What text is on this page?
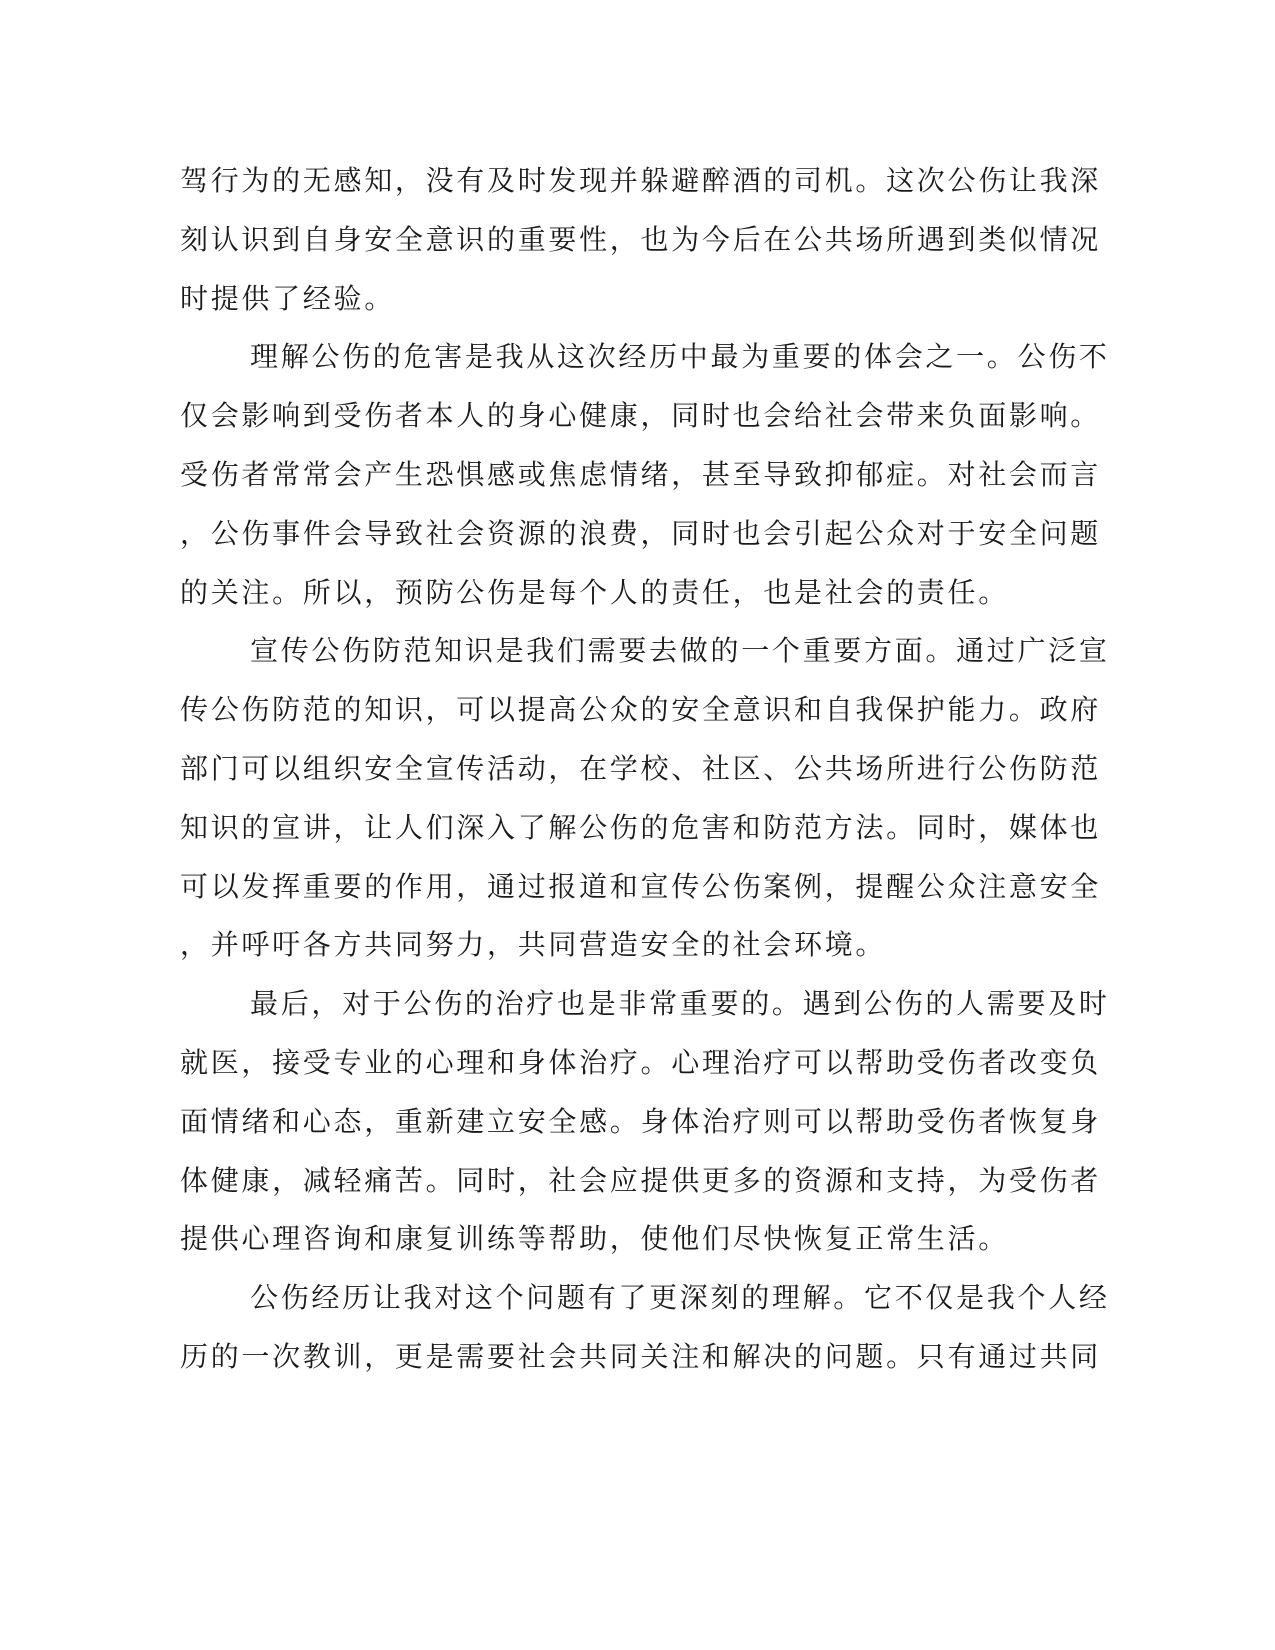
驾行为的无感知，没有及时发现并躲避醉酒的司机。这次公伤让我深
刻认识到自身安全意识的重要性，也为今后在公共场所遇到类似情况
时提供了经验。
理解公伤的危害是我从这次经历中最为重要的体会之一。公伤不
仅会影响到受伤者本人的身心健康，同时也会给社会带来负面影响。
受伤者常常会产生恐惧感或焦虑情绪，甚至导致抑郁症。对社会而言
，公伤事件会导致社会资源的浪费，同时也会引起公众对于安全问题
的关注。所以，预防公伤是每个人的责任，也是社会的责任。
宣传公伤防范知识是我们需要去做的一个重要方面。通过广泛宣
传公伤防范的知识，可以提高公众的安全意识和自我保护能力。政府
部门可以组织安全宣传活动，在学校、社区、公共场所进行公伤防范
知识的宣讲，让人们深入了解公伤的危害和防范方法。同时，媒体也
可以发挥重要的作用，通过报道和宣传公伤案例，提醒公众注意安全
，并呼吁各方共同努力，共同营造安全的社会环境。
最后，对于公伤的治疗也是非常重要的。遇到公伤的人需要及时
就医，接受专业的心理和身体治疗。心理治疗可以帮助受伤者改变负
面情绪和心态，重新建立安全感。身体治疗则可以帮助受伤者恢复身
体健康，减轻痛苦。同时，社会应提供更多的资源和支持，为受伤者
提供心理咨询和康复训练等帮助，使他们尽快恢复正常生活。
公伤经历让我对这个问题有了更深刻的理解。它不仅是我个人经
历的一次教训，更是需要社会共同关注和解决的问题。只有通过共同
